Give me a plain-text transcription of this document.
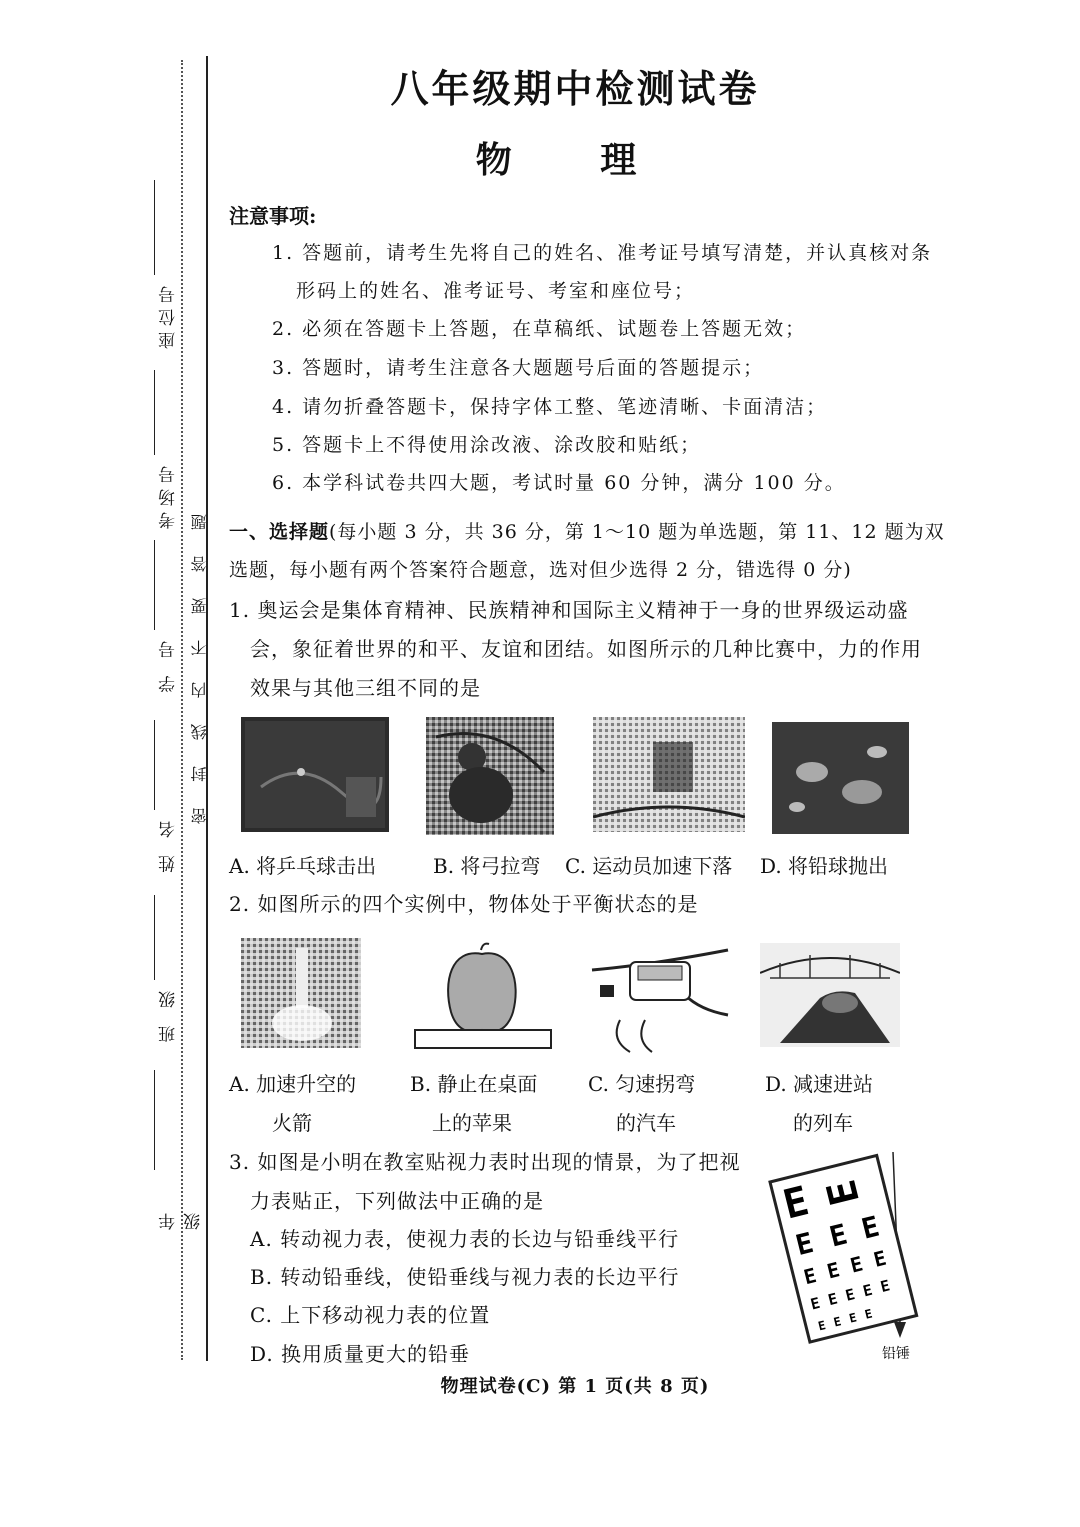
座位号
考场号
学 号
姓 名
班 级
年 级
密封线内不要答题
八年级期中检测试卷
物 理
注意事项:
1. 答题前，请考生先将自己的姓名、准考证号填写清楚，并认真核对条
形码上的姓名、准考证号、考室和座位号；
2. 必须在答题卡上答题，在草稿纸、试题卷上答题无效；
3. 答题时，请考生注意各大题题号后面的答题提示；
4. 请勿折叠答题卡，保持字体工整、笔迹清晰、卡面清洁；
5. 答题卡上不得使用涂改液、涂改胶和贴纸；
6. 本学科试卷共四大题，考试时量 60 分钟，满分 100 分。
一、选择题(每小题 3 分，共 36 分，第 1～10 题为单选题，第 11、12 题为双
选题，每小题有两个答案符合题意，选对但少选得 2 分，错选得 0 分)
1. 奥运会是集体育精神、民族精神和国际主义精神于一身的世界级运动盛
会，象征着世界的和平、友谊和团结。如图所示的几种比赛中，力的作用
效果与其他三组不同的是
A. 将乒乓球击出	B. 将弓拉弯 C. 运动员加速下落 D. 将铅球抛出
2. 如图所示的四个实例中，物体处于平衡状态的是
A. 加速升空的
火箭
B. 静止在桌面
上的苹果
C. 匀速拐弯
的汽车
D. 减速进站
的列车
3. 如图是小明在教室贴视力表时出现的情景，为了把视
力表贴正，下列做法中正确的是
A. 转动视力表，使视力表的长边与铅垂线平行
B. 转动铅垂线，使铅垂线与视力表的长边平行
C. 上下移动视力表的位置
D. 换用质量更大的铅垂
E E
E E E
E E E E
E E E E E
E E E E
铅锤
物理试卷(C) 第 1 页(共 8 页)
